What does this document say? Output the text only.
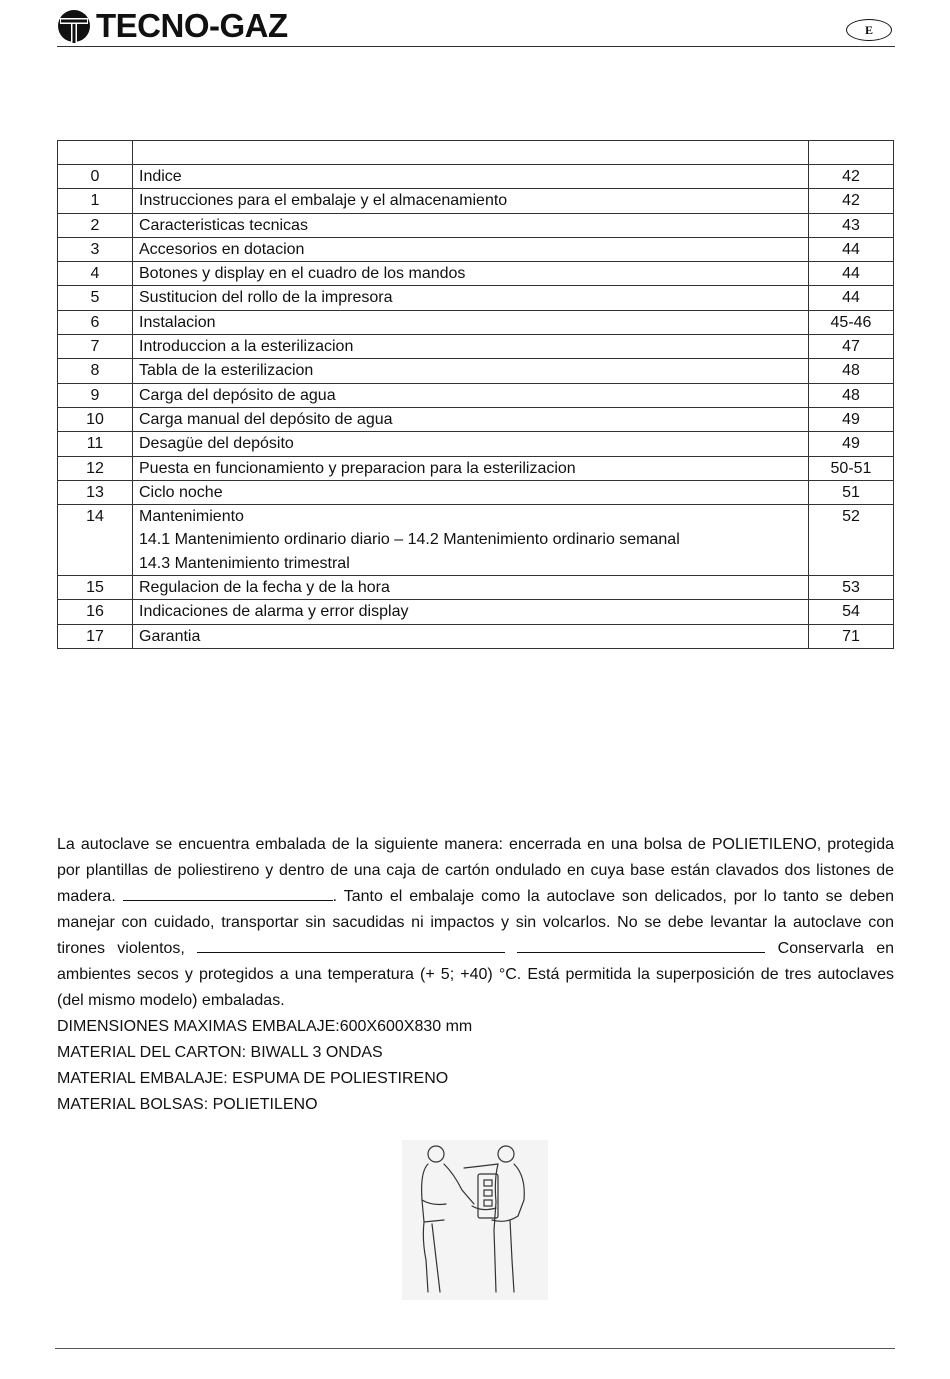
TECNO-GAZ	E

0	Indice	42
1	Instrucciones para el embalaje y el almacenamiento	42
2	Caracteristicas tecnicas	43
3	Accesorios en dotacion	44
4	Botones y display en el cuadro de los mandos	44
5	Sustitucion del rollo de la impresora	44
6	Instalacion	45-46
7	Introduccion a la esterilizacion	47
8	Tabla de la esterilizacion	48
9	Carga del depósito de agua	48
10	Carga manual del depósito de agua	49
11	Desagüe del depósito	49
12	Puesta en funcionamiento y preparacion para la esterilizacion	50-51
13	Ciclo noche	51
14	Mantenimiento
14.1 Mantenimiento ordinario diario – 14.2 Mantenimiento ordinario semanal
14.3 Mantenimiento trimestral	52
15	Regulacion de la fecha y de la hora	53
16	Indicaciones de alarma y error display	54
17	Garantia	71

La autoclave se encuentra embalada de la siguiente manera: encerrada en una bolsa de POLIETILENO, protegida por plantillas de poliestireno y dentro de una caja de cartón ondulado en cuya base están clavados dos listones de madera.	. Tanto el embalaje como la autoclave son delicados, por lo tanto se deben manejar con cuidado, transportar sin sacudidas ni impactos y sin volcarlos. No se debe levantar la autoclave con tirones violentos,	Conservarla en ambientes secos y protegidos a una temperatura (+ 5; +40) °C. Está permitida la superposición de tres autoclaves (del mismo modelo) embaladas.

DIMENSIONES MAXIMAS EMBALAJE:600X600X830 mm

MATERIAL DEL CARTON: BIWALL 3 ONDAS

MATERIAL EMBALAJE: ESPUMA DE POLIESTIRENO

MATERIAL BOLSAS: POLIETILENO
